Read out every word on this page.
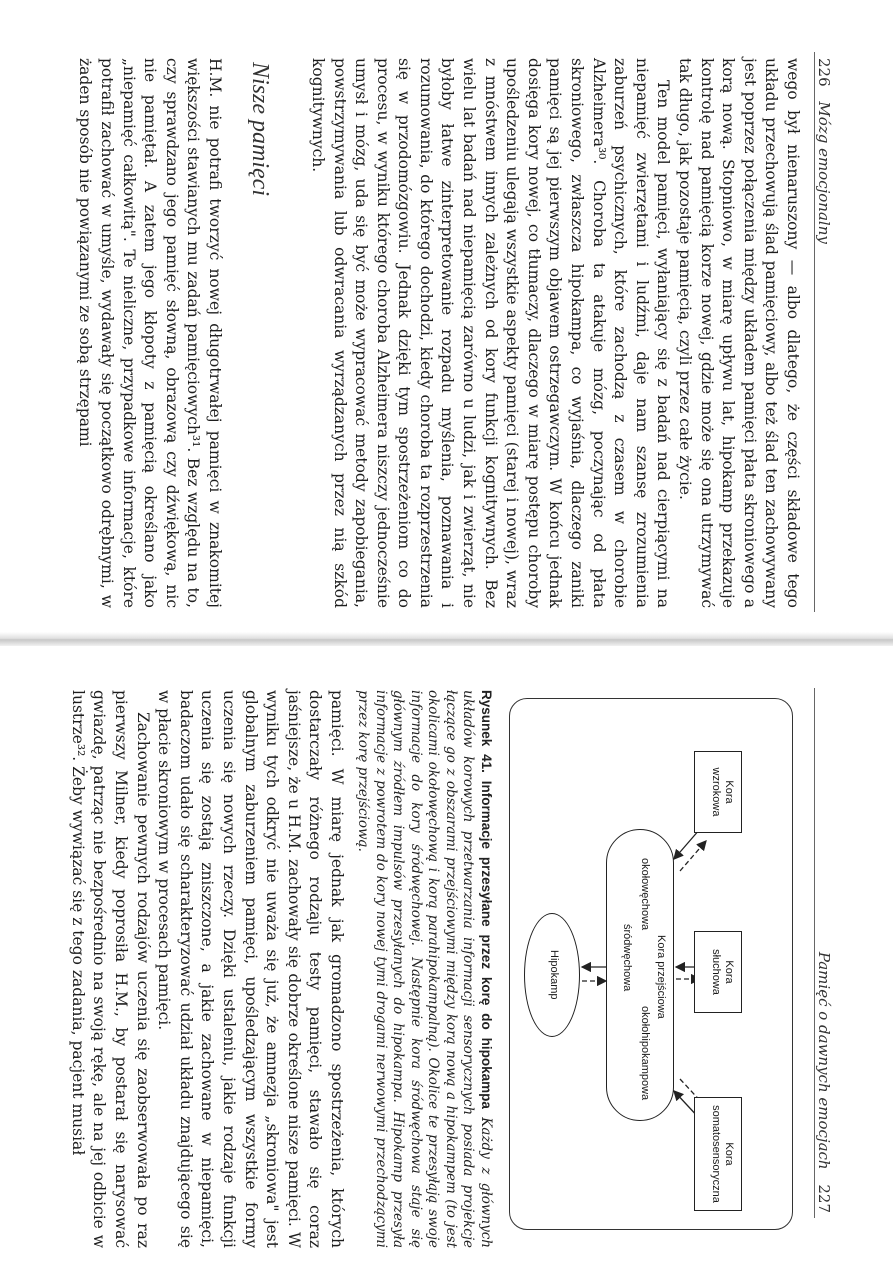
226 Mózg emocjonalny

wego był nienaruszony — albo dlatego, że części składowe tego układu przechowują ślad pamięciowy, albo też ślad ten zachowywany jest poprzez połączenia między układem pamięci płata skroniowego a korą nową. Stopniowo, w miarę upływu lat, hipokamp przekazuje kontrolę nad pamięcią korze nowej, gdzie może się ona utrzymywać tak długo, jak pozostaje pamięcią, czyli przez całe życie.

Ten model pamięci, wyłaniający się z badań nad cierpiącymi na niepamięć zwierzętami i ludźmi, daje nam szansę zrozumienia zaburzeń psychicznych, które zachodzą z czasem w chorobie Alzheimera³⁰. Choroba ta atakuje mózg, poczynając od płata skroniowego, zwłaszcza hipokampa, co wyjaśnia, dlaczego zaniki pamięci są jej pierwszym objawem ostrzegawczym. W końcu jednak dosięga kory nowej, co tłumaczy, dlaczego w miarę postępu choroby upośledzeniu ulegają wszystkie aspekty pamięci (starej i nowej), wraz z mnóstwem innych zależnych od kory funkcji kognitywnych. Bez wielu lat badań nad niepamięcią zarówno u ludzi, jak i zwierząt, nie byłoby łatwe zinterpretowanie rozpadu myślenia, poznawania i rozumowania, do którego dochodzi, kiedy choroba ta rozprzestrzenia się w przodomózgowiu. Jednak dzięki tym spostrzeżeniom co do procesu, w wyniku którego choroba Alzheimera niszczy jednocześnie umysł i mózg, uda się być może wypracować metody zapobiegania, powstrzymywania lub odwracania wyrządzanych przez nią szkód kognitywnych.

Nisze pamięci

H.M. nie potrafi tworzyć nowej długotrwałej pamięci w znakomitej większości stawianych mu zadań pamięciowych³¹. Bez względu na to, czy sprawdzano jego pamięć słowną, obrazową czy dźwiękową, nic nie pamiętał. A zatem jego kłopoty z pamięcią określano jako „niepamięć całkowitą". Te nieliczne, przypadkowe informacje, które potrafił zachować w umyśle, wydawały się początkowo odrębnymi, w żaden sposób nie powiązanymi ze sobą strzępami

Pamięć o dawnych emocjach 227
Kora
wzrokowa
Kora
słuchowa
Kora
somatosensoryczna
Kora przejściowa
okołowęchowa
okołohipokampowa
śródwęchowa
Hipokamp
Rysunek 41. Informacje przesyłane przez korę do hipokampa Każdy z głównych układów korowych przetwarzania informacji sensorycznych posiada projekcje łączące go z obszarami przejściowymi między korą nową a hipokampem (to jest okolicami okołowęchową i korą parahipokampalną). Okolice te przesyłają swoje informacje do kory śródwęchowej. Następnie kora śródwęchowa staje się głównym źródłem impulsów przesyłanych do hipokampa. Hipokamp przesyła informacje z powrotem do kory nowej tymi drogami nerwowymi przechodzącymi przez korę przejściową.

pamięci. W miarę jednak jak gromadzono spostrzeżenia, których dostarczały różnego rodzaju testy pamięci, stawało się coraz jaśniejsze, że u H.M. zachowały się dobrze określone nisze pamięci. W wyniku tych odkryć nie uważa się już, że amnezja „skroniowa" jest globalnym zaburzeniem pamięci, upośledzającym wszystkie formy uczenia się nowych rzeczy. Dzięki ustaleniu, jakie rodzaje funkcji uczenia się zostają zniszczone, a jakie zachowane w niepamięci, badaczom udało się scharakteryzować udział układu znajdującego się w płacie skroniowym w procesach pamięci.

Zachowanie pewnych rodzajów uczenia się zaobserwowała po raz pierwszy Milner, kiedy poprosiła H.M., by postarał się narysować gwiazdę, patrząc nie bezpośrednio na swoją rękę, ale na jej odbicie w lustrze³². Żeby wywiązać się z tego zadania, pacjent musiał
